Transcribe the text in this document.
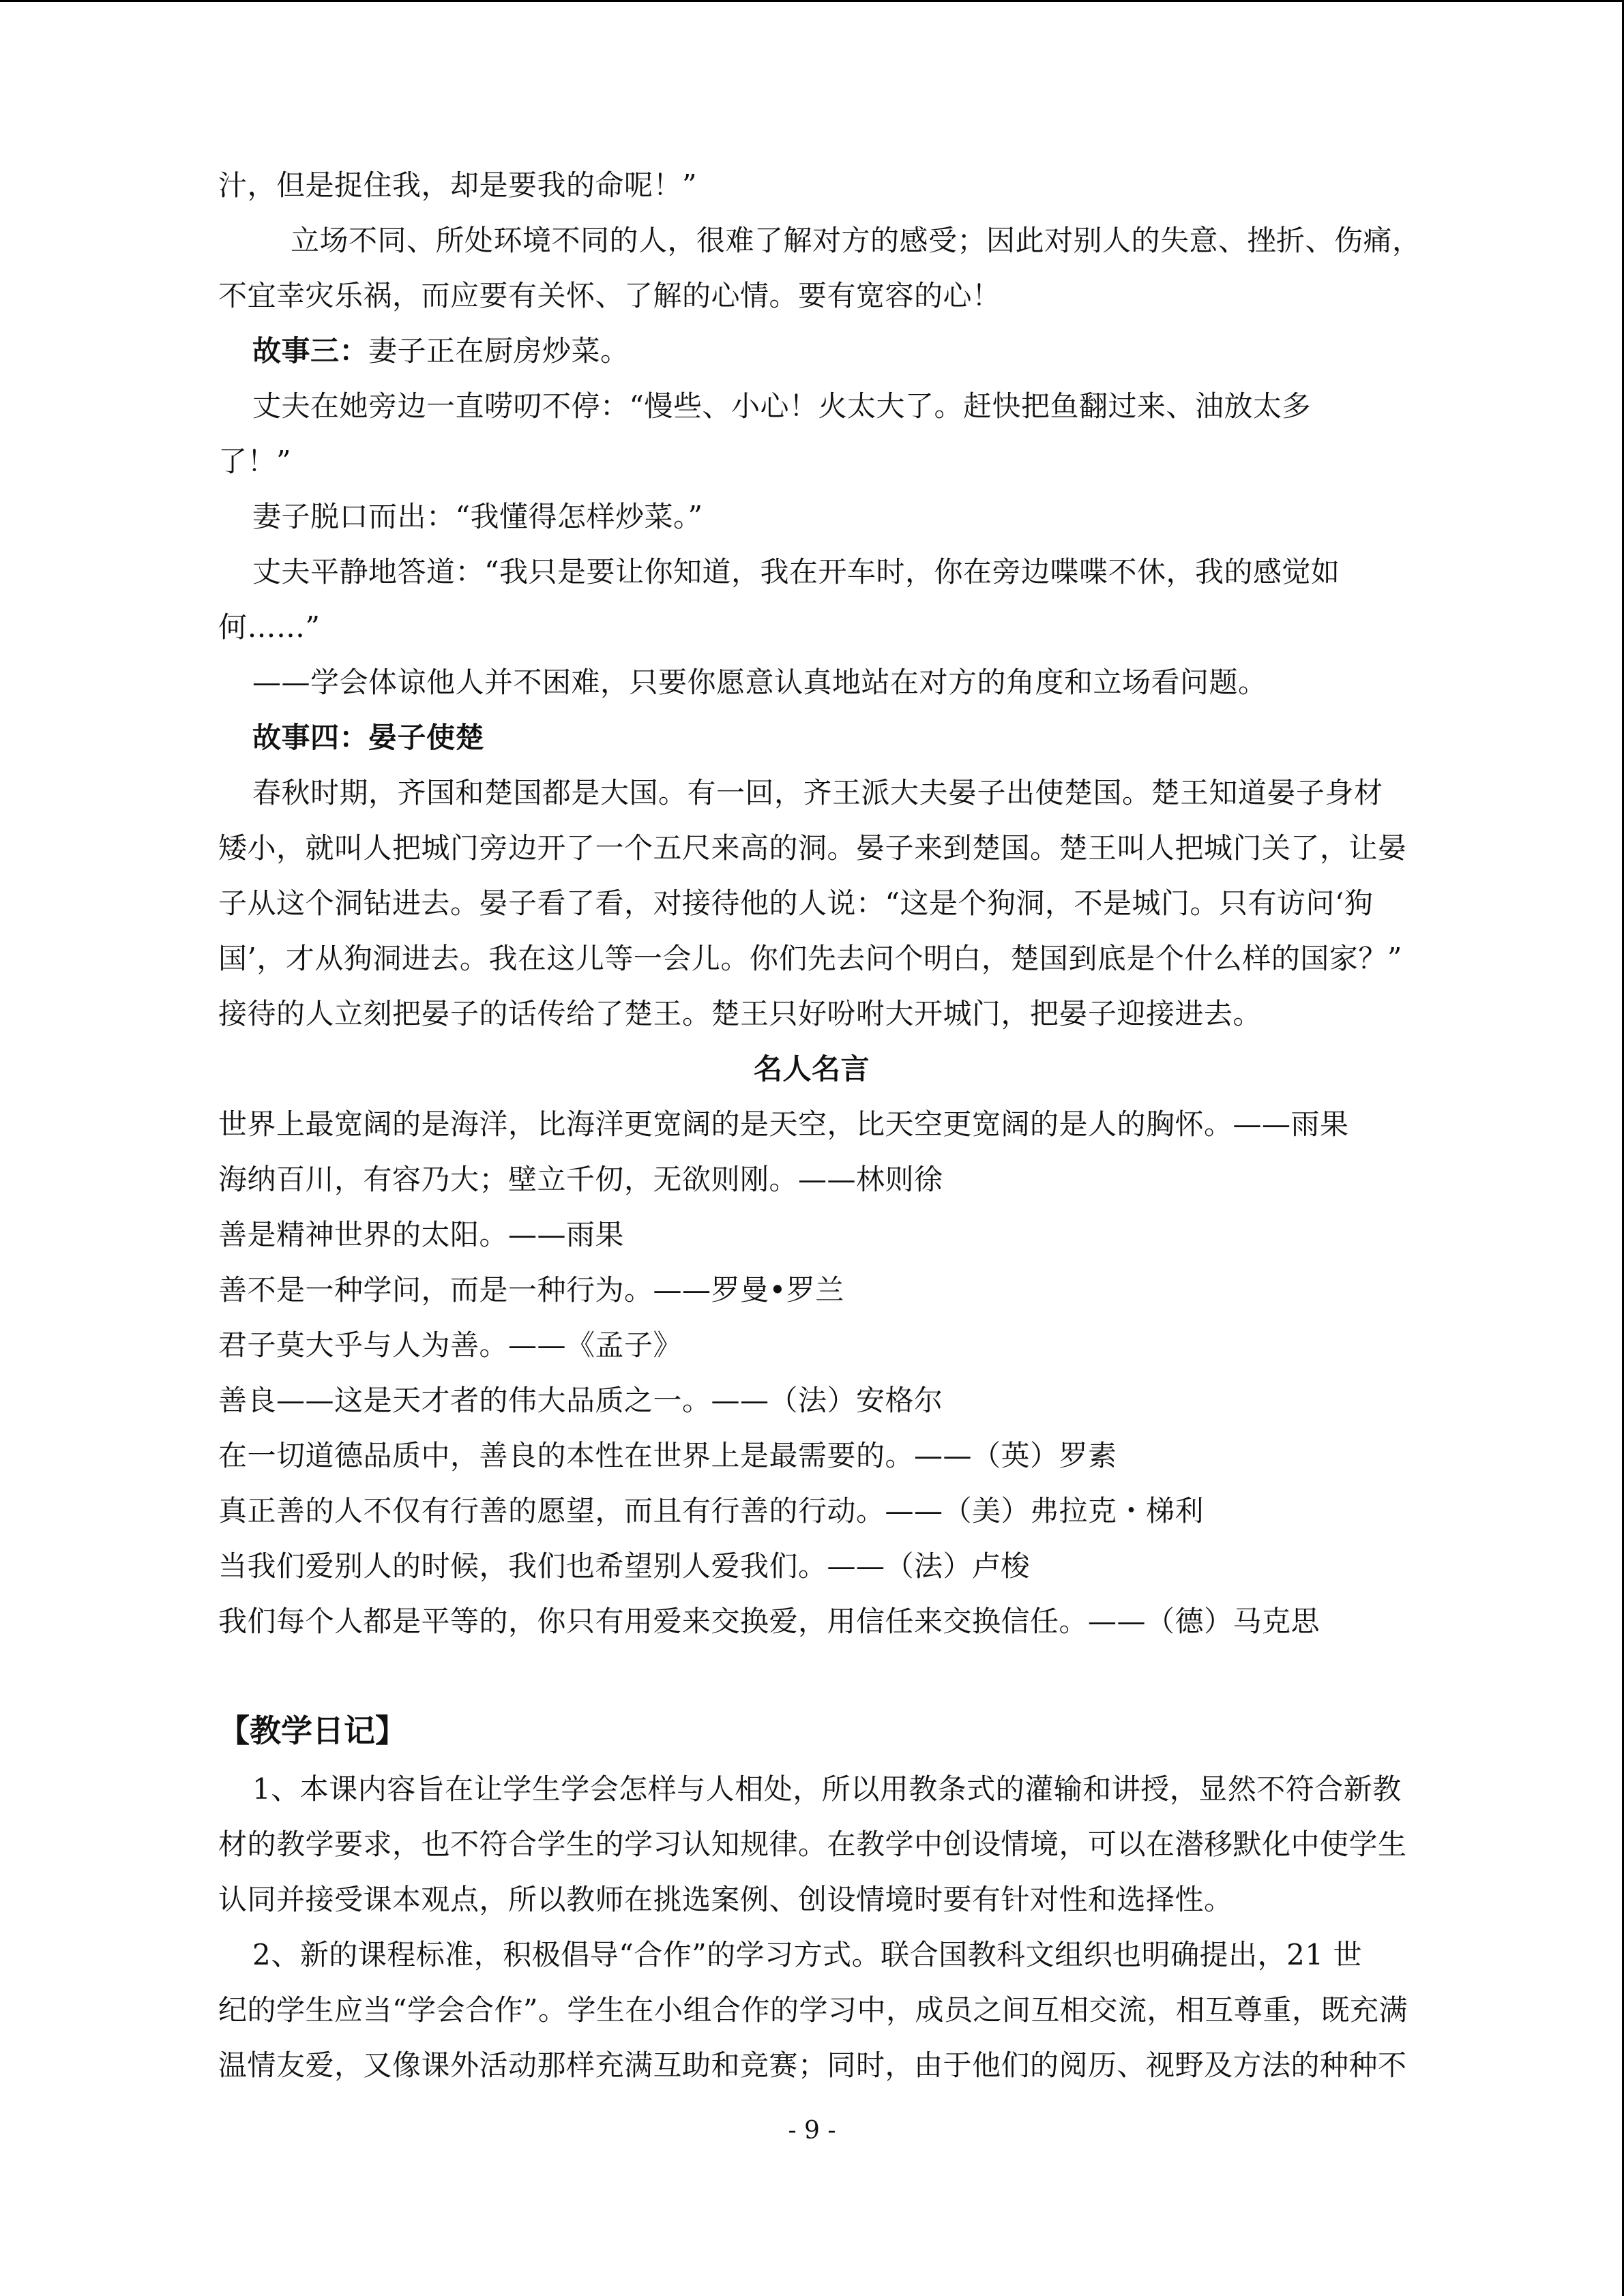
汁，但是捉住我，却是要我的命呢！”
立场不同、所处环境不同的人，很难了解对方的感受；因此对别人的失意、挫折、伤痛，
不宜幸灾乐祸，而应要有关怀、了解的心情。要有宽容的心！
故事三：妻子正在厨房炒菜。
丈夫在她旁边一直唠叨不停：“慢些、小心！火太大了。赶快把鱼翻过来、油放太多
了！”
妻子脱口而出：“我懂得怎样炒菜。”
丈夫平静地答道：“我只是要让你知道，我在开车时，你在旁边喋喋不休，我的感觉如
何……”
——学会体谅他人并不困难，只要你愿意认真地站在对方的角度和立场看问题。
故事四：晏子使楚
春秋时期，齐国和楚国都是大国。有一回，齐王派大夫晏子出使楚国。楚王知道晏子身材
矮小，就叫人把城门旁边开了一个五尺来高的洞。晏子来到楚国。楚王叫人把城门关了，让晏
子从这个洞钻进去。晏子看了看，对接待他的人说：“这是个狗洞，不是城门。只有访问‘狗
国’，才从狗洞进去。我在这儿等一会儿。你们先去问个明白，楚国到底是个什么样的国家？”
接待的人立刻把晏子的话传给了楚王。楚王只好吩咐大开城门，把晏子迎接进去。
名人名言
世界上最宽阔的是海洋，比海洋更宽阔的是天空，比天空更宽阔的是人的胸怀。——雨果
海纳百川，有容乃大；壁立千仞，无欲则刚。——林则徐
善是精神世界的太阳。——雨果
善不是一种学问，而是一种行为。——罗曼•罗兰
君子莫大乎与人为善。——《孟子》
善良——这是天才者的伟大品质之一。——（法）安格尔
在一切道德品质中，善良的本性在世界上是最需要的。——（英）罗素
真正善的人不仅有行善的愿望，而且有行善的行动。——（美）弗拉克・梯利
当我们爱别人的时候，我们也希望别人爱我们。——（法）卢梭
我们每个人都是平等的，你只有用爱来交换爱，用信任来交换信任。——（德）马克思
【教学日记】
1、本课内容旨在让学生学会怎样与人相处，所以用教条式的灌输和讲授，显然不符合新教
材的教学要求，也不符合学生的学习认知规律。在教学中创设情境，可以在潜移默化中使学生
认同并接受课本观点，所以教师在挑选案例、创设情境时要有针对性和选择性。
2、新的课程标准，积极倡导“合作”的学习方式。联合国教科文组织也明确提出，21 世
纪的学生应当“学会合作”。学生在小组合作的学习中，成员之间互相交流，相互尊重，既充满
温情友爱，又像课外活动那样充满互助和竞赛；同时，由于他们的阅历、视野及方法的种种不
- 9 -
